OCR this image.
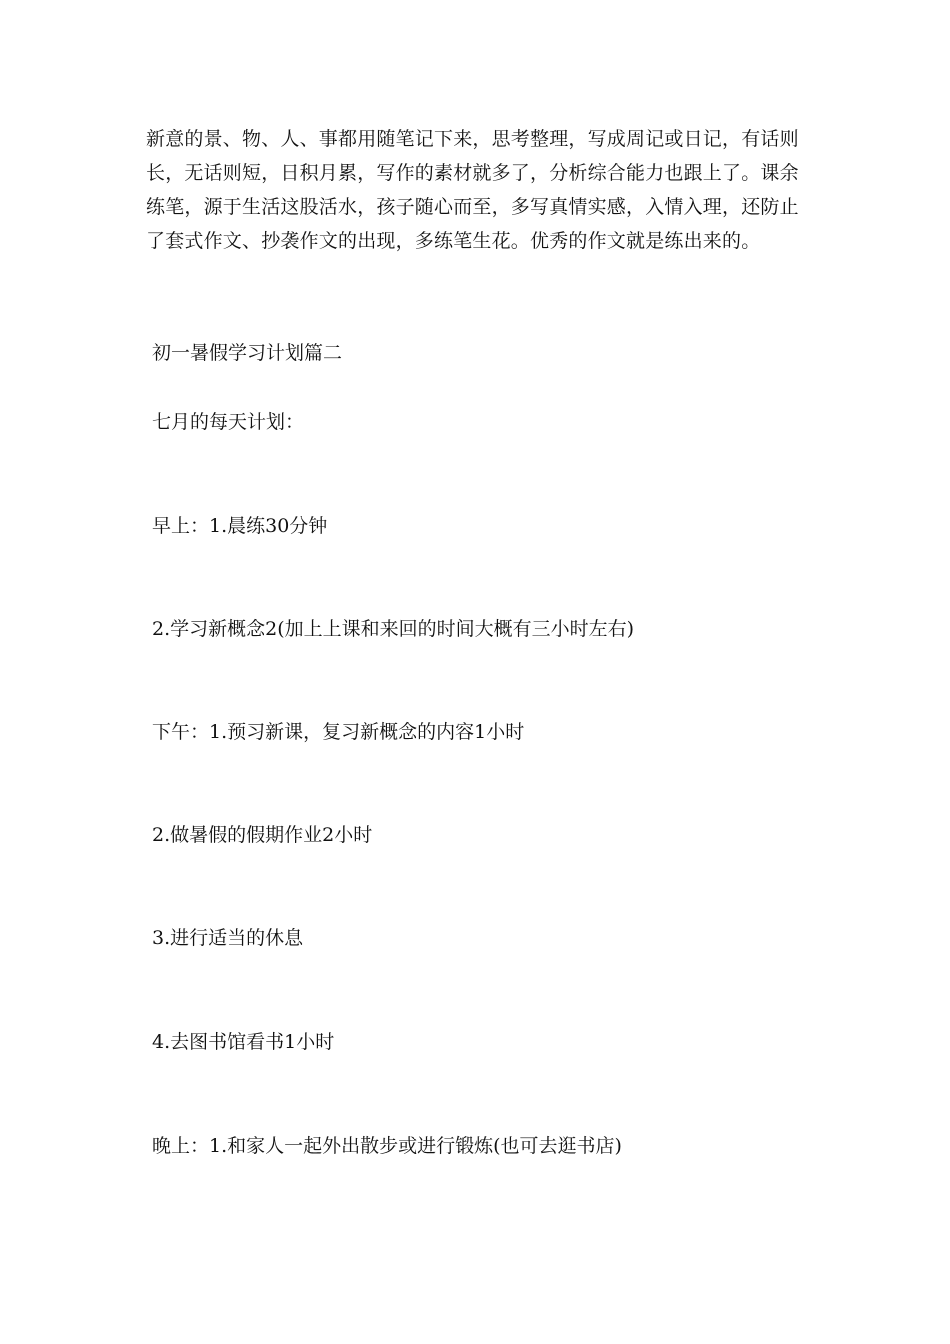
新意的景、物、人、事都用随笔记下来，思考整理，写成周记或日记，有话则
长，无话则短，日积月累，写作的素材就多了，分析综合能力也跟上了。课余
练笔，源于生活这股活水，孩子随心而至，多写真情实感，入情入理，还防止
了套式作文、抄袭作文的出现，多练笔生花。优秀的作文就是练出来的。
初一暑假学习计划篇二
七月的每天计划：
早上：1.晨练30分钟
2.学习新概念2(加上上课和来回的时间大概有三小时左右)
下午：1.预习新课，复习新概念的内容1小时
2.做暑假的假期作业2小时
3.进行适当的休息
4.去图书馆看书1小时
晚上：1.和家人一起外出散步或进行锻炼(也可去逛书店)
